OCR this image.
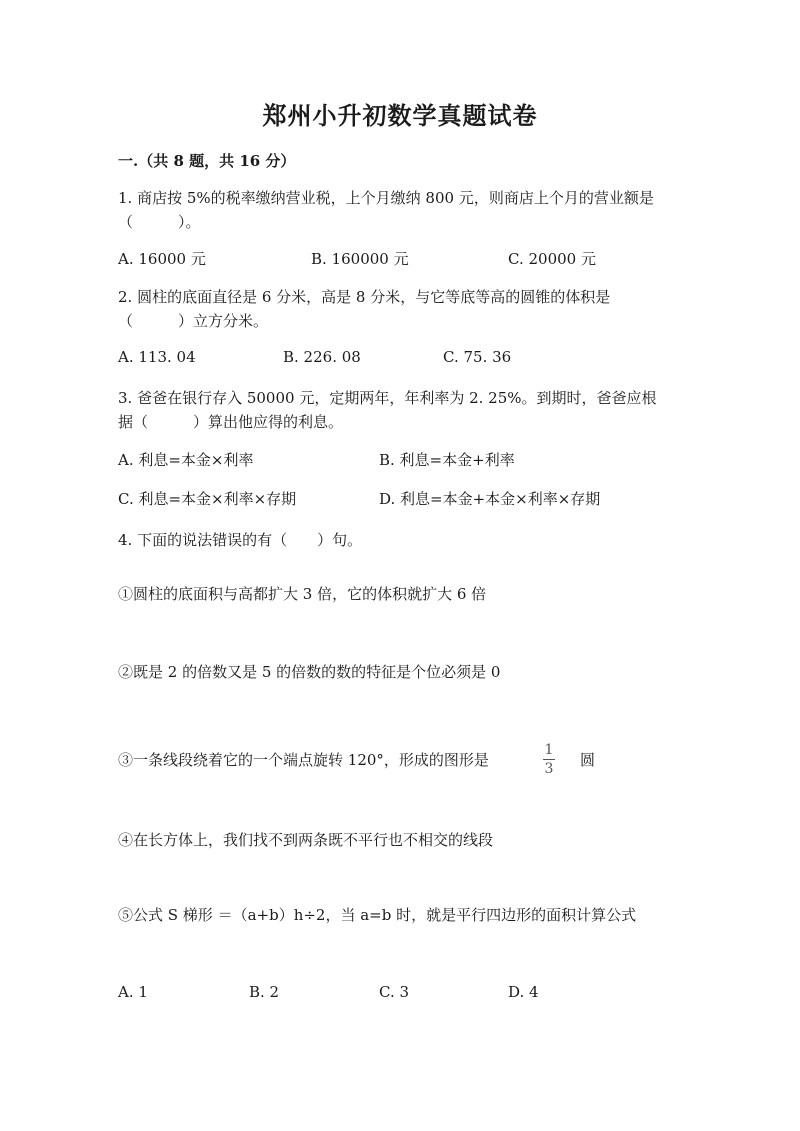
郑州小升初数学真题试卷
一.（共 8 题，共 16 分）
1. 商店按 5%的税率缴纳营业税，上个月缴纳 800 元，则商店上个月的营业额是
（　　　）。
A. 16000 元	B. 160000 元	C. 20000 元
2. 圆柱的底面直径是 6 分米，高是 8 分米，与它等底等高的圆锥的体积是
（　　　）立方分米。
A. 113. 04	B. 226. 08	C. 75. 36
3. 爸爸在银行存入 50000 元，定期两年，年利率为 2. 25%。到期时，爸爸应根
据（　　　）算出他应得的利息。
A. 利息=本金×利率	B. 利息=本金+利率
C. 利息=本金×利率×存期	D. 利息=本金+本金×利率×存期
4. 下面的说法错误的有（　　）句。
①圆柱的底面积与高都扩大 3 倍，它的体积就扩大 6 倍
②既是 2 的倍数又是 5 的倍数的数的特征是个位必须是 0
③一条线段绕着它的一个端点旋转 120°，形成的图形是
1
3 圆
④在长方体上，我们找不到两条既不平行也不相交的线段
⑤公式 S 梯形 ＝（a+b）h÷2，当 a=b 时，就是平行四边形的面积计算公式
A. 1	B. 2	C. 3	D. 4
